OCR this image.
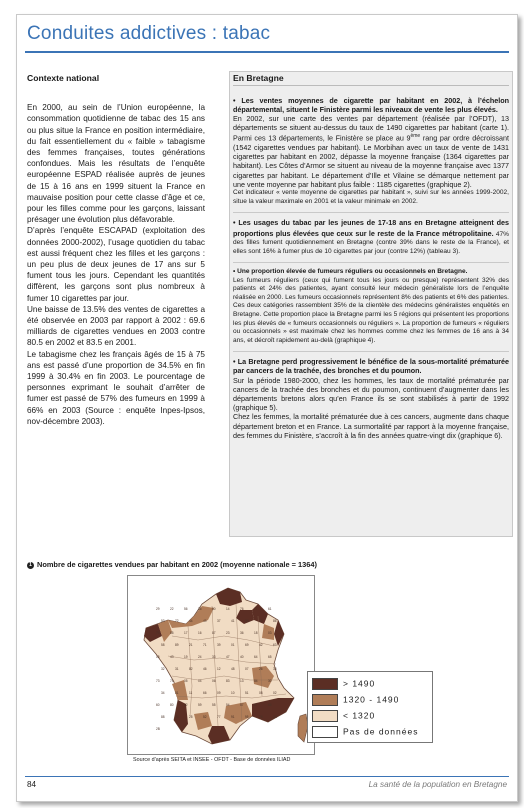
Conduites addictives : tabac
Contexte national

En 2000, au sein de l’Union européenne, la consommation quotidienne de tabac des 15 ans ou plus situe la France en position intermédiaire, du fait essentiellement du « faible » tabagisme des femmes françaises, toutes générations confondues. Mais les résultats de l’enquête européenne ESPAD réalisée auprès de jeunes de 15 à 16 ans en 1999 situent la France en mauvaise position pour cette classe d’âge et ce, pour les filles comme pour les garçons, laissant présager une évolution plus défavorable.

D’après l’enquête ESCAPAD (exploitation des données 2000-2002), l’usage quotidien du tabac est aussi fréquent chez les filles et les garçons : un peu plus de deux jeunes de 17 ans sur 5 fument tous les jours. Cependant les quantités diffèrent, les garçons sont plus nombreux à fumer 10 cigarettes par jour.

Une baisse de 13.5% des ventes de cigarettes a été observée en 2003 par rapport à 2002 : 69.6 milliards de cigarettes vendues en 2003 contre 80.5 en 2002 et 83.5 en 2001.

Le tabagisme chez les français âgés de 15 à 75 ans est passé d’une proportion de 34.5% en fin 1999 à 30.4% en fin 2003. Le pourcentage de personnes exprimant le souhait d’arrêter de fumer est passé de 57% des fumeurs en 1999 à 66% en 2003 (Source : enquête Inpes-Ipsos, nov-décembre 2003).

En Bretagne
• Les ventes moyennes de cigarette par habitant en 2002, à l’échelon départemental, situent le Finistère parmi les niveaux de vente les plus élevés.
En 2002, sur une carte des ventes par département (réalisée par l’OFDT), 13 départements se situent au-dessus du taux de 1490 cigarettes par habitant (carte 1). Parmi ces 13 départements, le Finistère se place au 9ème rang par ordre décroissant (1542 cigarettes vendues par habitant). Le Morbihan avec un taux de vente de 1431 cigarettes par habitant en 2002, dépasse la moyenne française (1364 cigarettes par habitant). Les Côtes d’Armor se situent au niveau de la moyenne française avec 1377 cigarettes par habitant. Le département d’Ille et Vilaine se démarque nettement par une vente moyenne par habitant plus faible : 1185 cigarettes (graphique 2).
Cet indicateur « vente moyenne de cigarettes par habitant », suivi sur les années 1999-2002, situe la valeur maximale en 2001 et la valeur minimale en 2002.
• Les usages du tabac par les jeunes de 17-18 ans en Bretagne atteignent des proportions plus élevées que ceux sur le reste de la France métropolitaine. 47% des filles fument quotidiennement en Bretagne (contre 39% dans le reste de la France), et elles sont 16% à fumer plus de 10 cigarettes par jour (contre 12%) (tableau 3).
• Une proportion élevée de fumeurs réguliers ou occasionnels en Bretagne.
Les fumeurs réguliers (ceux qui fument tous les jours ou presque) représentent 32% des patients et 24% des patientes, ayant consulté leur médecin généraliste lors de l’enquête réalisée en 2000. Les fumeurs occasionnels représentent 8% des patients et 6% des patientes. Ces deux catégories rassemblent 35% de la clientèle des médecins généralistes enquêtés en Bretagne. Cette proportion place la Bretagne parmi les 5 régions qui présentent les proportions les plus élevés de « fumeurs occasionnels ou réguliers ». La proportion de fumeurs « réguliers ou occasionnels » est maximale chez les hommes comme chez les femmes de 16 ans à 34 ans, et décroît rapidement au-delà (graphique 4).
• La Bretagne perd progressivement le bénéfice de la sous-mortalité prématurée par cancers de la trachée, des bronches et du poumon.
Sur la période 1980-2000, chez les hommes, les taux de mortalité prématurée par cancers de la trachée des bronches et du poumon, continuent d’augmenter dans les départements bretons alors qu’en France ils se sont stabilisés à partir de 1992 (graphique 5).
Chez les femmes, la mortalité prématurée due à ces cancers, augmente dans chaque département breton et en France. La surmortalité par rapport à la moyenne française, des femmes du Finistère, s’accroît à la fin des années quatre-vingt dix (graphique 6).
1 Nombre de cigarettes vendues par habitant en 2002 (moyenne nationale = 1364)
29	22	56	35	50	14	76	27	61
53	72	44	49	37	41	28	45	86
79	85	17	16	87	23	36	18	03
58	89	21	71	39	01	69	42	63
15	43	19	24	33	47	40	64	65
32	31	82	46	12	48	07	26	38
73	74	05	04	06	83	13	84	30
34	81	11	66	09	10	51	08	02
60	80	62	59	55	54	57	67	68
88	70	25	52	77	91	95	78	2A
2B
> 1490
1320 - 1490
< 1320
Pas de données
Source d’après SEITA et INSEE - OFDT - Base de données ILIAD
84	La santé de la population en Bretagne
